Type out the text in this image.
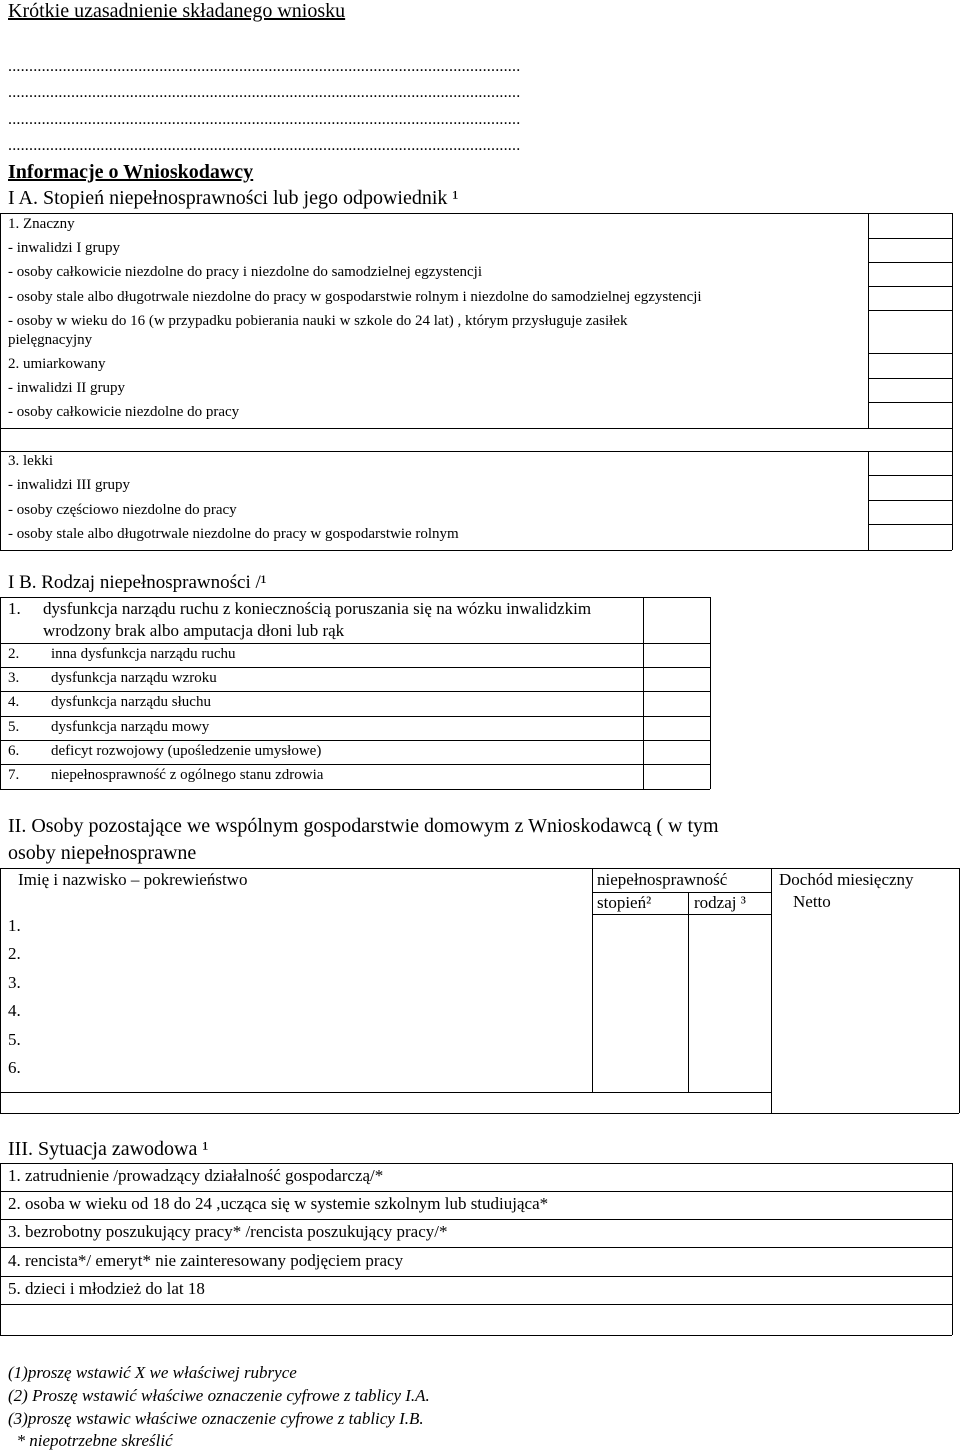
Krótkie uzasadnienie składanego wniosku
..........................................................................................................................
..........................................................................................................................
..........................................................................................................................
..........................................................................................................................
Informacje o Wnioskodawcy
I A. Stopień niepełnosprawności lub jego odpowiednik ¹
1. Znaczny
- inwalidzi I grupy
- osoby całkowicie niezdolne do pracy i niezdolne do samodzielnej egzystencji
- osoby stale albo długotrwale niezdolne do pracy w gospodarstwie rolnym i niezdolne do samodzielnej egzystencji
- osoby w wieku do 16 (w przypadku pobierania nauki w szkole do 24 lat) , którym przysługuje zasiłek
pielęgnacyjny
2. umiarkowany
- inwalidzi II grupy
- osoby całkowicie niezdolne do pracy
3. lekki
- inwalidzi III grupy
- osoby częściowo niezdolne do pracy
- osoby stale albo długotrwale niezdolne do pracy w gospodarstwie rolnym
I B. Rodzaj niepełnosprawności /¹
1. dysfunkcja narządu ruchu z koniecznością poruszania się na wózku inwalidzkim
wrodzony brak albo amputacja dłoni lub rąk
2. inna dysfunkcja narządu ruchu
3. dysfunkcja narządu wzroku
4. dysfunkcja narządu słuchu
5. dysfunkcja narządu mowy
6. deficyt rozwojowy (upośledzenie umysłowe)
7. niepełnosprawność z ogólnego stanu zdrowia
II. Osoby pozostające we wspólnym gospodarstwie domowym z Wnioskodawcą ( w tym
osoby niepełnosprawne
Imię i nazwisko – pokrewieństwo	niepełnosprawność
stopień²	rodzaj ³
Dochód miesięczny
Netto
1.
2.
3.
4.
5.
6.
III. Sytuacja zawodowa ¹
1. zatrudnienie /prowadzący działalność gospodarczą/*
2. osoba w wieku od 18 do 24 ,ucząca się w systemie szkolnym lub studiująca*
3. bezrobotny poszukujący pracy* /rencista poszukujący pracy/*
4. rencista*/ emeryt* nie zainteresowany podjęciem pracy
5. dzieci i młodzież do lat 18
(1)proszę wstawić X we właściwej rubryce
(2) Proszę wstawić właściwe oznaczenie cyfrowe z tablicy I.A.
(3)proszę wstawic właściwe oznaczenie cyfrowe z tablicy I.B.
* niepotrzebne skreślić
